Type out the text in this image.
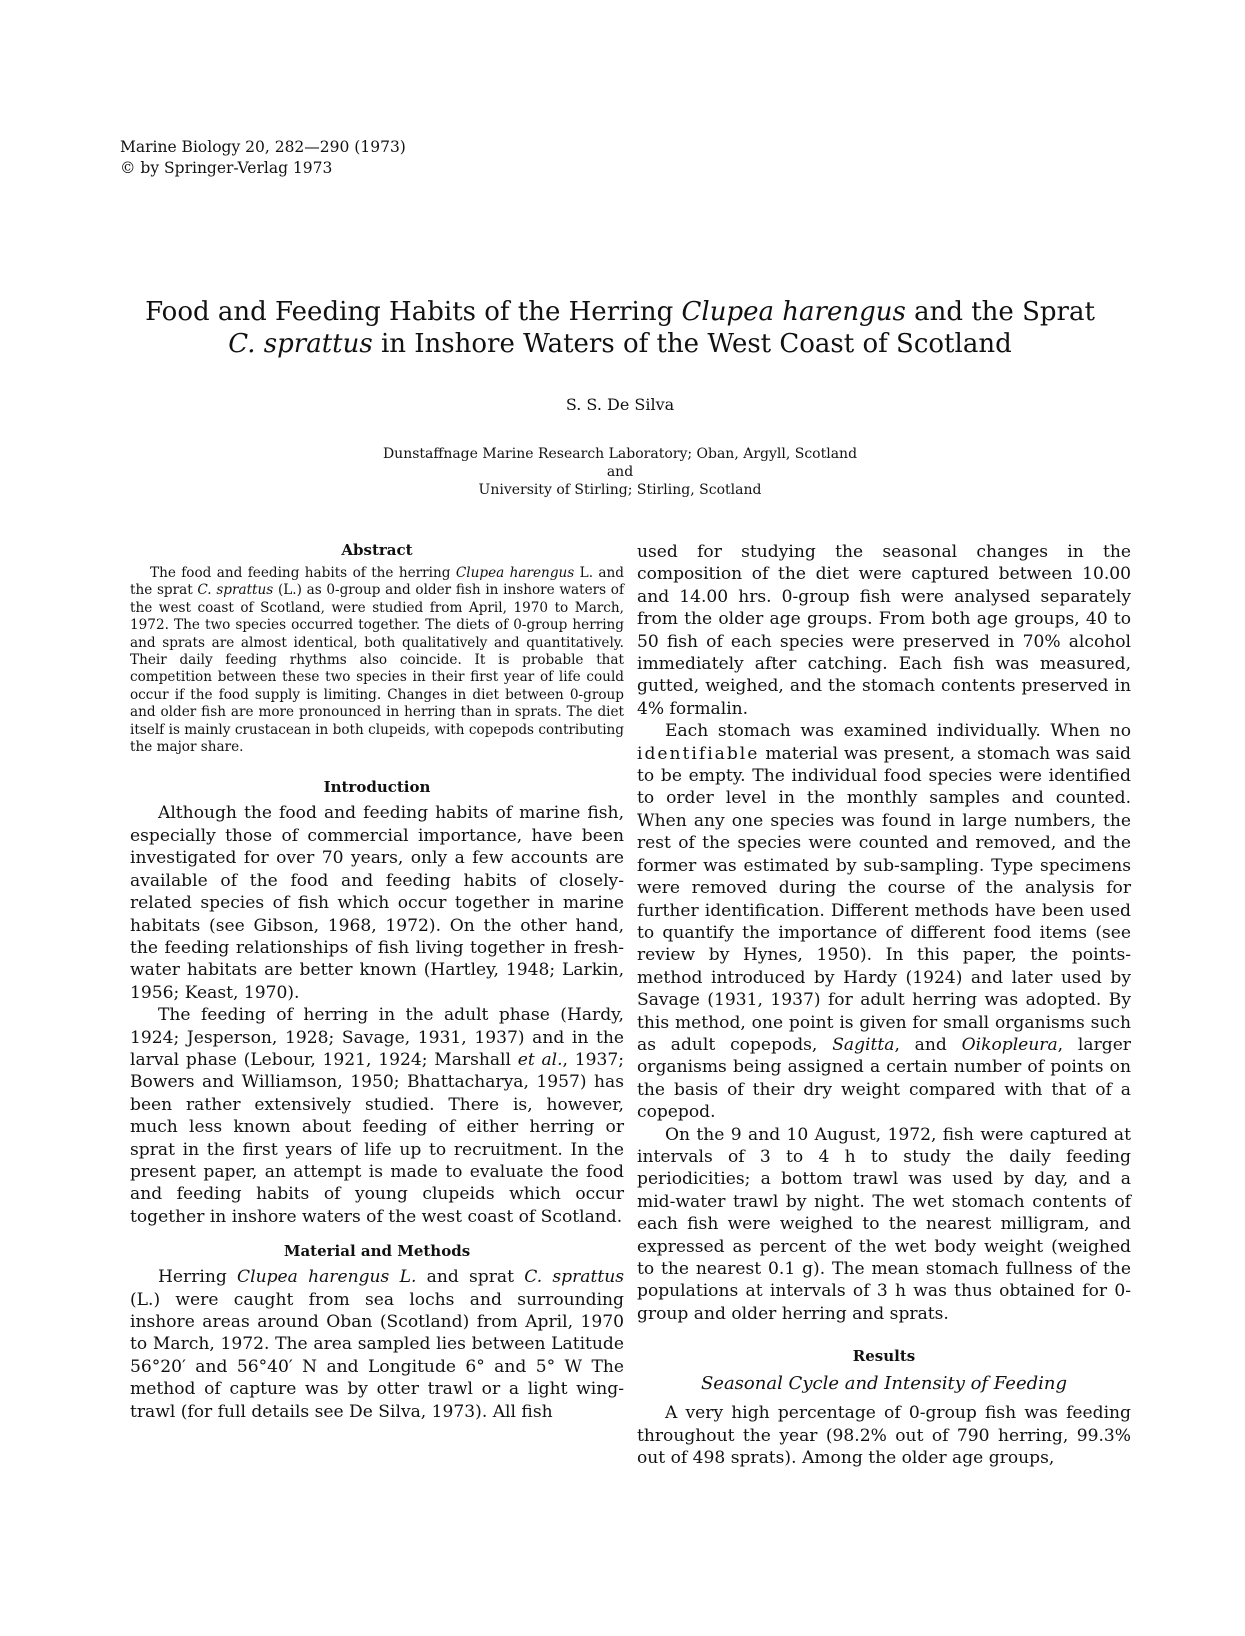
Marine Biology 20, 282—290 (1973)
© by Springer-Verlag 1973
Food and Feeding Habits of the Herring Clupea harengus and the Sprat
C. sprattus in Inshore Waters of the West Coast of Scotland
S. S. De Silva
Dunstaffnage Marine Research Laboratory; Oban, Argyll, Scotland
and
University of Stirling; Stirling, Scotland
Abstract

The food and feeding habits of the herring Clupea harengus L. and the sprat C. sprattus (L.) as 0-group and older fish in inshore waters of the west coast of Scotland, were studied from April, 1970 to March, 1972. The two species occurred together. The diets of 0-group herring and sprats are almost identical, both qualitatively and quantitatively. Their daily feeding rhythms also coincide. It is probable that competition between these two species in their first year of life could occur if the food supply is limiting. Changes in diet between 0-group and older fish are more pronounced in herring than in sprats. The diet itself is mainly crustacean in both clupeids, with copepods contributing the major share.

Introduction

Although the food and feeding habits of marine fish, especially those of commercial importance, have been investigated for over 70 years, only a few accounts are available of the food and feeding habits of closely-related species of fish which occur together in marine habitats (see Gibson, 1968, 1972). On the other hand, the feeding relationships of fish living together in fresh-water habitats are better known (Hartley, 1948; Larkin, 1956; Keast, 1970).

The feeding of herring in the adult phase (Hardy, 1924; Jesperson, 1928; Savage, 1931, 1937) and in the larval phase (Lebour, 1921, 1924; Marshall et al., 1937; Bowers and Williamson, 1950; Bhattacharya, 1957) has been rather extensively studied. There is, however, much less known about feeding of either herring or sprat in the first years of life up to recruitment. In the present paper, an attempt is made to evaluate the food and feeding habits of young clupeids which occur together in inshore waters of the west coast of Scotland.

Material and Methods

Herring Clupea harengus L. and sprat C. sprattus (L.) were caught from sea lochs and surrounding inshore areas around Oban (Scotland) from April, 1970 to March, 1972. The area sampled lies between Latitude 56°20′ and 56°40′ N and Longitude 6° and 5° W The method of capture was by otter trawl or a light wing-trawl (for full details see De Silva, 1973). All fish

used for studying the seasonal changes in the composition of the diet were captured between 10.00 and 14.00 hrs. 0-group fish were analysed separately from the older age groups. From both age groups, 40 to 50 fish of each species were preserved in 70% alcohol immediately after catching. Each fish was measured, gutted, weighed, and the stomach contents preserved in 4% formalin.

Each stomach was examined individually. When no identifiable material was present, a stomach was said to be empty. The individual food species were identified to order level in the monthly samples and counted. When any one species was found in large numbers, the rest of the species were counted and removed, and the former was estimated by sub-sampling. Type specimens were removed during the course of the analysis for further identification. Different methods have been used to quantify the importance of different food items (see review by Hynes, 1950). In this paper, the points-method introduced by Hardy (1924) and later used by Savage (1931, 1937) for adult herring was adopted. By this method, one point is given for small organisms such as adult copepods, Sagitta, and Oikopleura, larger organisms being assigned a certain number of points on the basis of their dry weight compared with that of a copepod.

On the 9 and 10 August, 1972, fish were captured at intervals of 3 to 4 h to study the daily feeding periodicities; a bottom trawl was used by day, and a mid-water trawl by night. The wet stomach contents of each fish were weighed to the nearest milligram, and expressed as percent of the wet body weight (weighed to the nearest 0.1 g). The mean stomach fullness of the populations at intervals of 3 h was thus obtained for 0-group and older herring and sprats.

Results
Seasonal Cycle and Intensity of Feeding

A very high percentage of 0-group fish was feeding throughout the year (98.2% out of 790 herring, 99.3% out of 498 sprats). Among the older age groups,
